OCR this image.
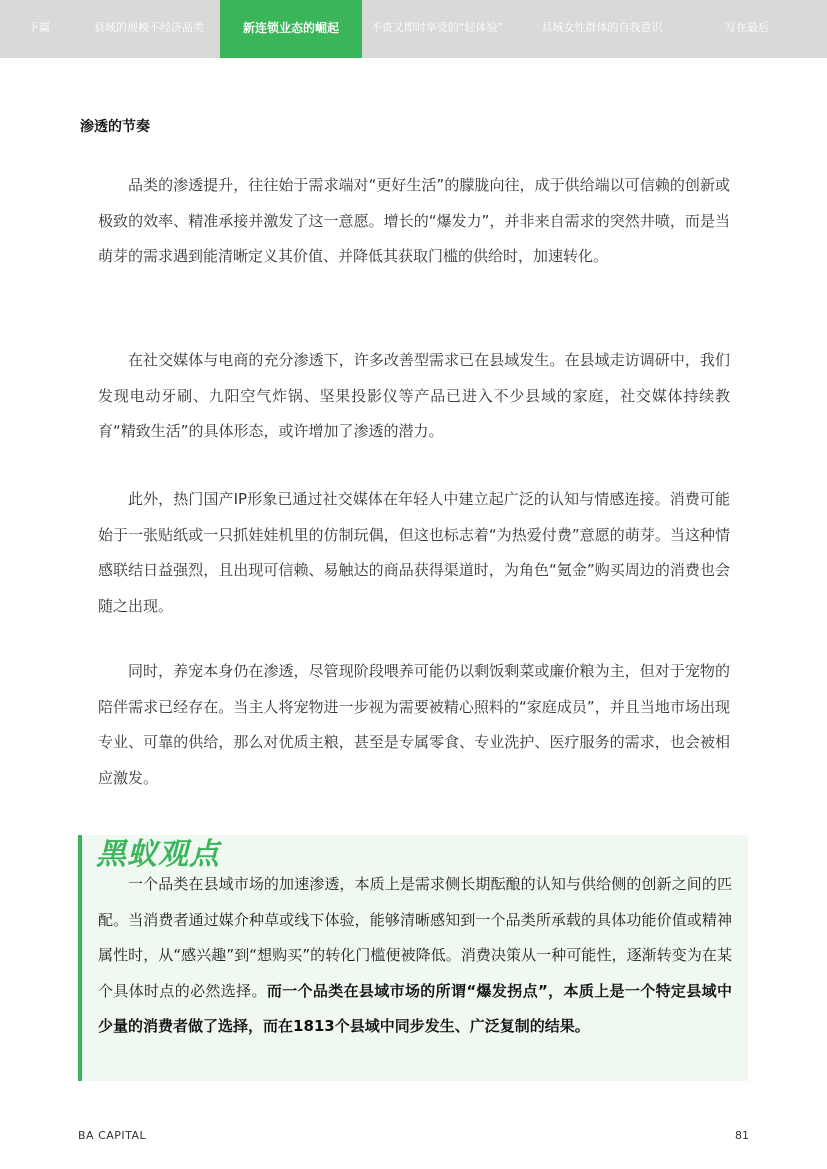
下篇	县域的规模不经济品类	新连锁业态的崛起	不贵又即时享受的“轻体验”	县域女性群体的自我意识	写在最后
渗透的节奏

品类的渗透提升，往往始于需求端对“更好生活”的朦胧向往，成于供给端以可信赖的创新或极致的效率、精准承接并激发了这一意愿。增长的“爆发力”，并非来自需求的突然井喷，而是当萌芽的需求遇到能清晰定义其价值、并降低其获取门槛的供给时，加速转化。

在社交媒体与电商的充分渗透下，许多改善型需求已在县域发生。在县域走访调研中，我们发现电动牙刷、九阳空气炸锅、坚果投影仪等产品已进入不少县域的家庭，社交媒体持续教育“精致生活”的具体形态，或许增加了渗透的潜力。

此外，热门国产IP形象已通过社交媒体在年轻人中建立起广泛的认知与情感连接。消费可能始于一张贴纸或一只抓娃娃机里的仿制玩偶，但这也标志着“为热爱付费”意愿的萌芽。当这种情感联结日益强烈，且出现可信赖、易触达的商品获得渠道时，为角色“氪金”购买周边的消费也会随之出现。

同时，养宠本身仍在渗透，尽管现阶段喂养可能仍以剩饭剩菜或廉价粮为主，但对于宠物的陪伴需求已经存在。当主人将宠物进一步视为需要被精心照料的“家庭成员”，并且当地市场出现专业、可靠的供给，那么对优质主粮，甚至是专属零食、专业洗护、医疗服务的需求，也会被相应激发。

黑蚁观点

一个品类在县域市场的加速渗透，本质上是需求侧长期酝酿的认知与供给侧的创新之间的匹配。当消费者通过媒介种草或线下体验，能够清晰感知到一个品类所承载的具体功能价值或精神属性时，从“感兴趣”到“想购买”的转化门槛便被降低。消费决策从一种可能性，逐渐转变为在某个具体时点的必然选择。而一个品类在县域市场的所谓“爆发拐点”，本质上是一个特定县域中少量的消费者做了选择，而在1813个县域中同步发生、广泛复制的结果。

BA CAPITAL	81
